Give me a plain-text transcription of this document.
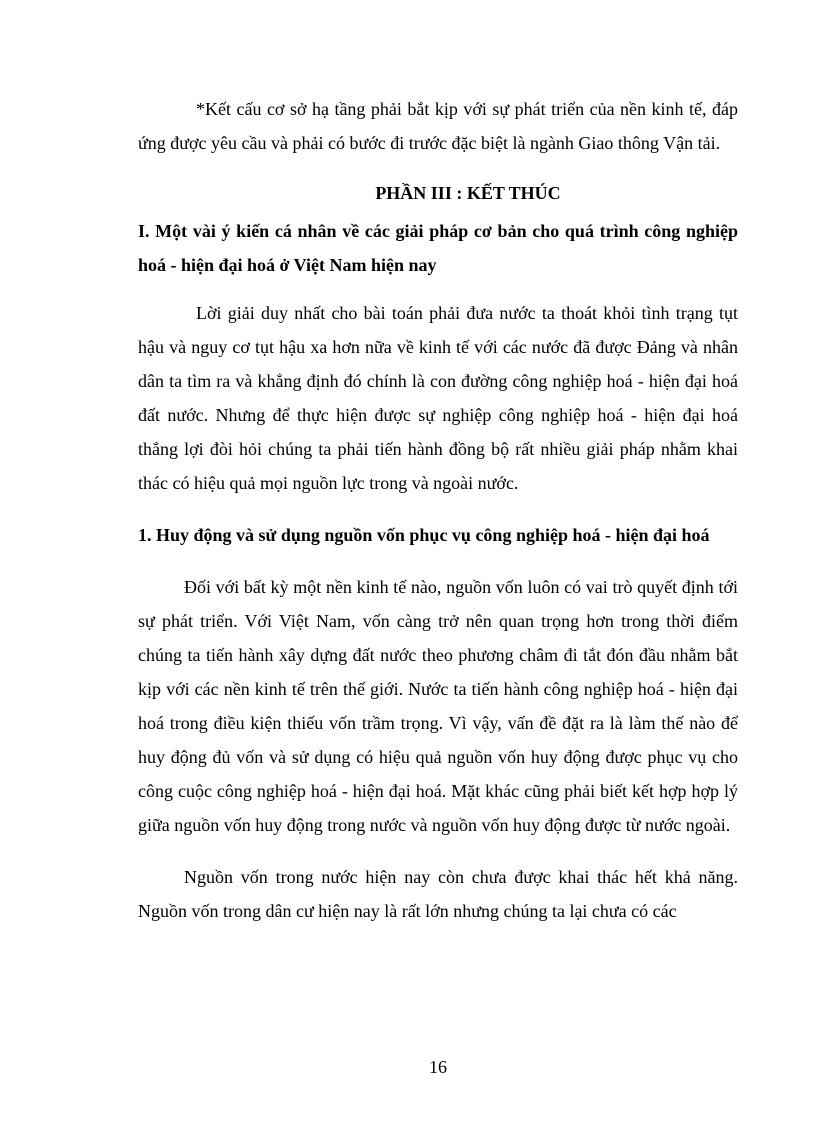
*Kết cấu cơ sở hạ tầng phải bắt kịp với sự phát triển của nền kinh tế, đáp ứng được yêu cầu và phải có bước đi trước đặc biệt là ngành Giao thông Vận tải.

PHẦN III : KẾT THÚC
I. Một vài ý kiến cá nhân về các giải pháp cơ bản cho quá trình công nghiệp hoá - hiện đại hoá ở Việt Nam hiện nay

Lời giải duy nhất cho bài toán phải đưa nước ta thoát khỏi tình trạng tụt hậu và nguy cơ tụt hậu xa hơn nữa về kinh tế với các nước đã được Đảng và nhân dân ta tìm ra và khẳng định đó chính là con đường công nghiệp hoá - hiện đại hoá đất nước. Nhưng để thực hiện được sự nghiệp công nghiệp hoá - hiện đại hoá thắng lợi đòi hỏi chúng ta phải tiến hành đồng bộ rất nhiều giải pháp nhằm khai thác có hiệu quả mọi nguồn lực trong và ngoài nước.

1. Huy động và sử dụng nguồn vốn phục vụ công nghiệp hoá - hiện đại hoá

Đối với bất kỳ một nền kinh tế nào, nguồn vốn luôn có vai trò quyết định tới sự phát triển. Với Việt Nam, vốn càng trở nên quan trọng hơn trong thời điểm chúng ta tiến hành xây dựng đất nước theo phương châm đi tắt đón đầu nhằm bắt kịp với các nền kinh tế trên thế giới. Nước ta tiến hành công nghiệp hoá - hiện đại hoá trong điều kiện thiếu vốn trầm trọng. Vì vậy, vấn đề đặt ra là làm thế nào để huy động đủ vốn và sử dụng có hiệu quả nguồn vốn huy động được phục vụ cho công cuộc công nghiệp hoá - hiện đại hoá. Mặt khác cũng phải biết kết hợp hợp lý giữa nguồn vốn huy động trong nước và nguồn vốn huy động được từ nước ngoài.

Nguồn vốn trong nước hiện nay còn chưa được khai thác hết khả năng. Nguồn vốn trong dân cư hiện nay là rất lớn nhưng chúng ta lại chưa có các

16
